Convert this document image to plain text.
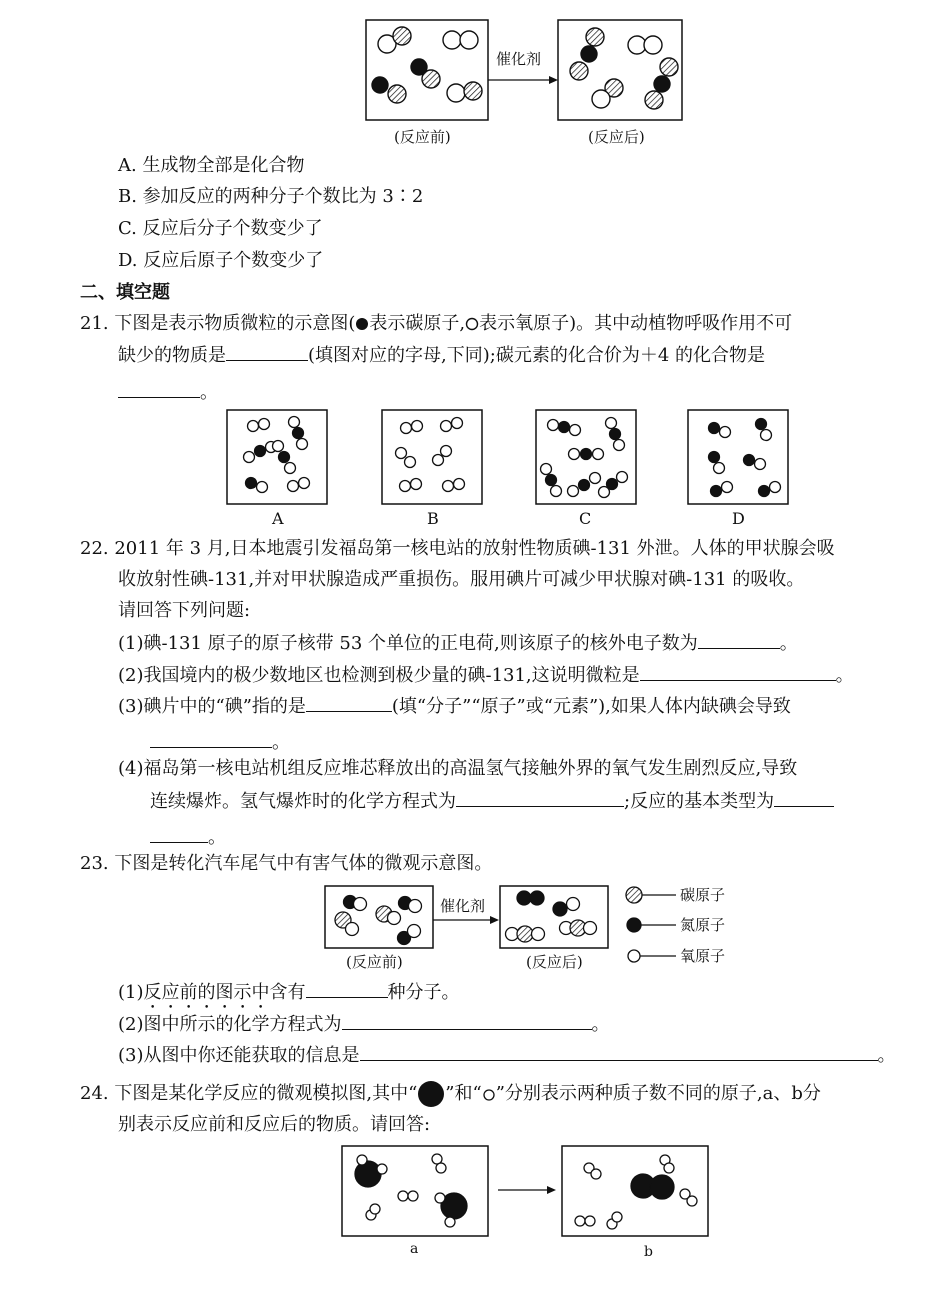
催化剂
(反应前)	(反应后)
A. 生成物全部是化合物
B. 参加反应的两种分子个数比为 3∶2
C. 反应后分子个数变少了
D. 反应后原子个数变少了
二、填空题
21. 下图是表示物质微粒的示意图( 表示碳原子, 表示氧原子)。其中动植物呼吸作用不可
缺少的物质是	(填图对应的字母,下同);碳元素的化合价为＋4 的化合物是
。
A	B	C	D
22. 2011 年 3 月,日本地震引发福岛第一核电站的放射性物质碘-131 外泄。人体的甲状腺会吸
收放射性碘-131,并对甲状腺造成严重损伤。服用碘片可减少甲状腺对碘-131 的吸收。
请回答下列问题:
(1)碘-131 原子的原子核带 53 个单位的正电荷,则该原子的核外电子数为	。
(2)我国境内的极少数地区也检测到极少量的碘-131,这说明微粒是	。
(3)碘片中的“碘”指的是	(填“分子”“原子”或“元素”),如果人体内缺碘会导致
。
(4)福岛第一核电站机组反应堆芯释放出的高温氢气接触外界的氧气发生剧烈反应,导致
连续爆炸。氢气爆炸时的化学方程式为	;反应的基本类型为
。
23. 下图是转化汽车尾气中有害气体的微观示意图。
催化剂
(反应前)	(反应后)
碳原子
氮原子
氧原子
(1)反应前的图示中含有	种分子。
(2)图中所示的化学方程式为	。
(3)从图中你还能获取的信息是	。
24. 下图是某化学反应的微观模拟图,其中“ ”和“ ”分别表示两种质子数不同的原子,a、b分
别表示反应前和反应后的物质。请回答:
a	b
